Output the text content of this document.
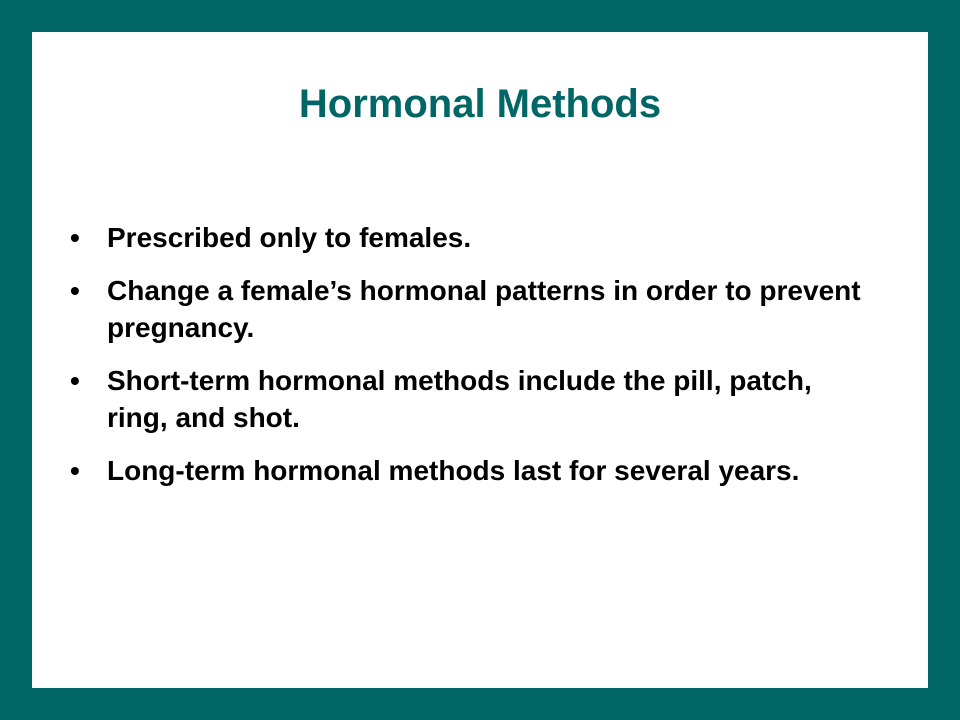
Hormonal Methods
• Prescribed only to females.
• Change a female’s hormonal patterns in order to prevent pregnancy.
• Short-term hormonal methods include the pill, patch, ring, and shot.
• Long-term hormonal methods last for several years.
